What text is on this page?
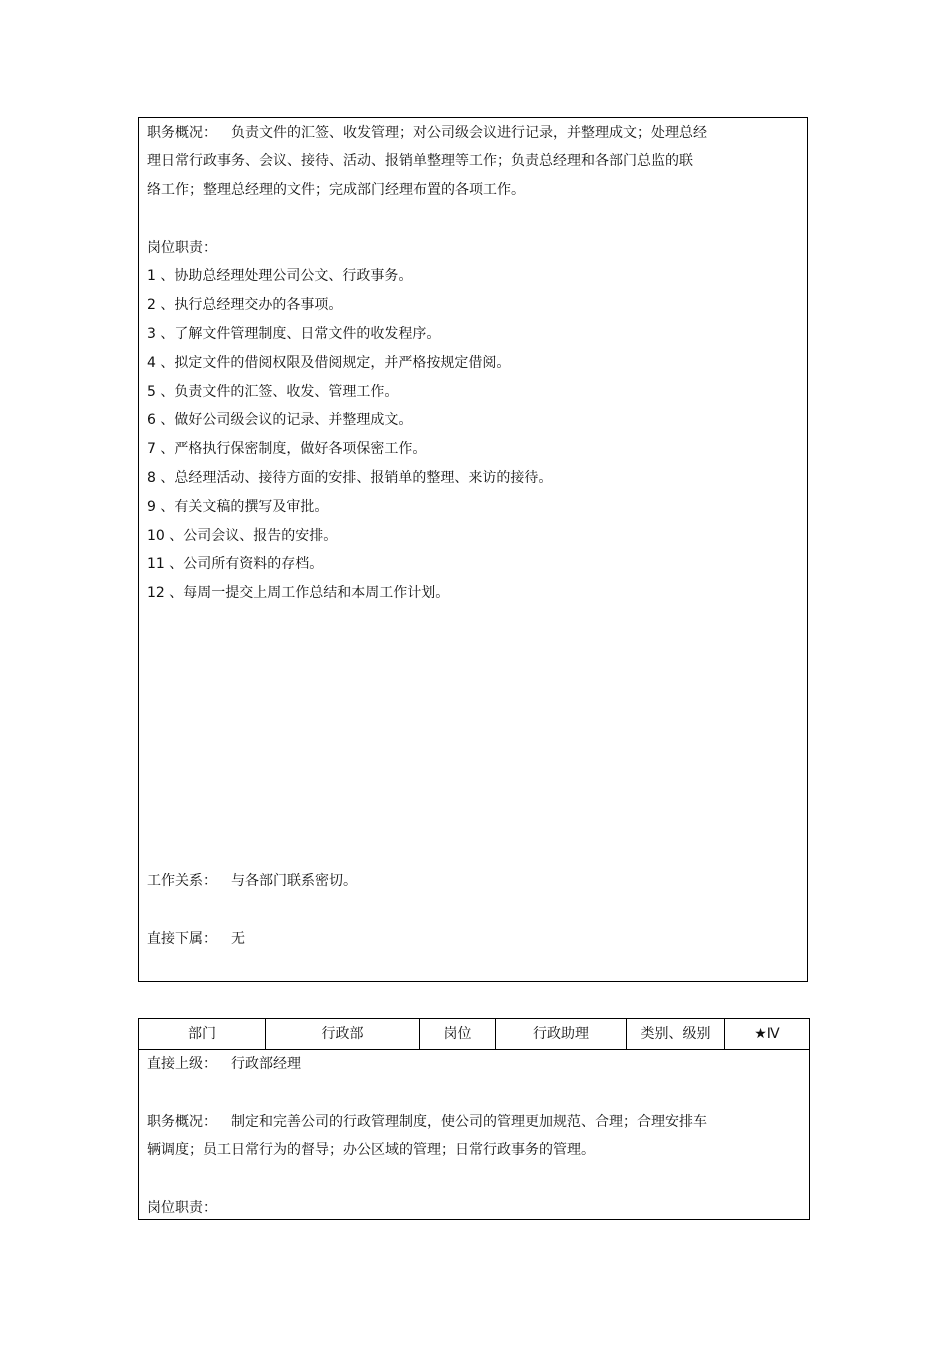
职务概况： 负责文件的汇签、收发管理；对公司级会议进行记录，并整理成文；处理总经
理日常行政事务、会议、接待、活动、报销单整理等工作；负责总经理和各部门总监的联
络工作；整理总经理的文件；完成部门经理布置的各项工作。
岗位职责：
1 、协助总经理处理公司公文、行政事务。
2 、执行总经理交办的各事项。
3 、了解文件管理制度、日常文件的收发程序。
4 、拟定文件的借阅权限及借阅规定，并严格按规定借阅。
5 、负责文件的汇签、收发、管理工作。
6 、做好公司级会议的记录、并整理成文。
7 、严格执行保密制度，做好各项保密工作。
8 、总经理活动、接待方面的安排、报销单的整理、来访的接待。
9 、有关文稿的撰写及审批。
10 、公司会议、报告的安排。
11 、公司所有资料的存档。
12 、每周一提交上周工作总结和本周工作计划。
工作关系： 与各部门联系密切。
直接下属： 无
部门	行政部	岗位	行政助理	类别、级别	★Ⅳ
直接上级： 行政部经理
职务概况： 制定和完善公司的行政管理制度，使公司的管理更加规范、合理；合理安排车
辆调度；员工日常行为的督导；办公区域的管理；日常行政事务的管理。
岗位职责：
